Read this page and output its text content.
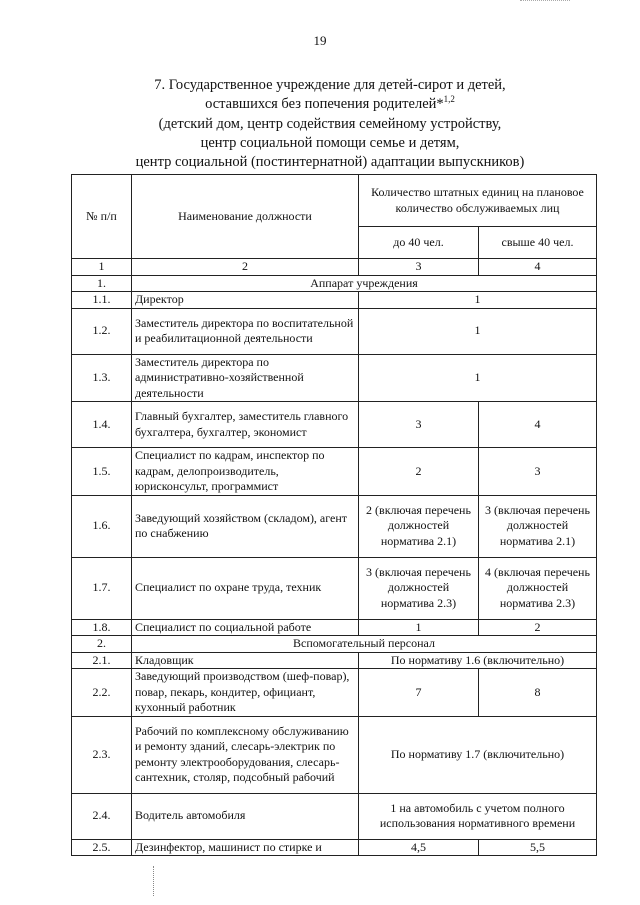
19
7. Государственное учреждение для детей-сирот и детей,
оставшихся без попечения родителей*$^{1,2}$
(детский дом, центр содействия семейному устройству,
центр социальной помощи семье и детям,
центр социальной (постинтернатной) адаптации выпускников)
№ п/п	Наименование должности	Количество штатных единиц на плановое количество обслуживаемых лиц	
		до 40 чел.	свыше 40 чел.
1	2	3	4
1.	Аппарат учреждения		
1.1.	Директор	1	
1.2.	Заместитель директора по воспитательной и реабилитационной деятельности	1	
1.3.	Заместитель директора по административно-хозяйственной деятельности	1	
1.4.	Главный бухгалтер, заместитель главного бухгалтера, бухгалтер, экономист	3	4
1.5.	Специалист по кадрам, инспектор по кадрам, делопроизводитель, юрисконсульт, программист	2	3
1.6.	Заведующий хозяйством (складом), агент по снабжению	2 (включая перечень должностей норматива 2.1)	3 (включая перечень должностей норматива 2.1)
1.7.	Специалист по охране труда, техник	3 (включая перечень должностей норматива 2.3)	4 (включая перечень должностей норматива 2.3)
1.8.	Специалист по социальной работе	1	2
2.	Вспомогательный персонал		
2.1.	Кладовщик	По нормативу 1.6 (включительно)	
2.2.	Заведующий производством (шеф-повар), повар, пекарь, кондитер, официант, кухонный работник	7	8
2.3.	Рабочий по комплексному обслуживанию и ремонту зданий, слесарь-электрик по ремонту электрооборудования, слесарь-сантехник, столяр, подсобный рабочий	По нормативу 1.7 (включительно)	
2.4.	Водитель автомобиля	1 на автомобиль с учетом полного использования нормативного времени	
2.5.	Дезинфектор, машинист по стирке и	4,5	5,5
